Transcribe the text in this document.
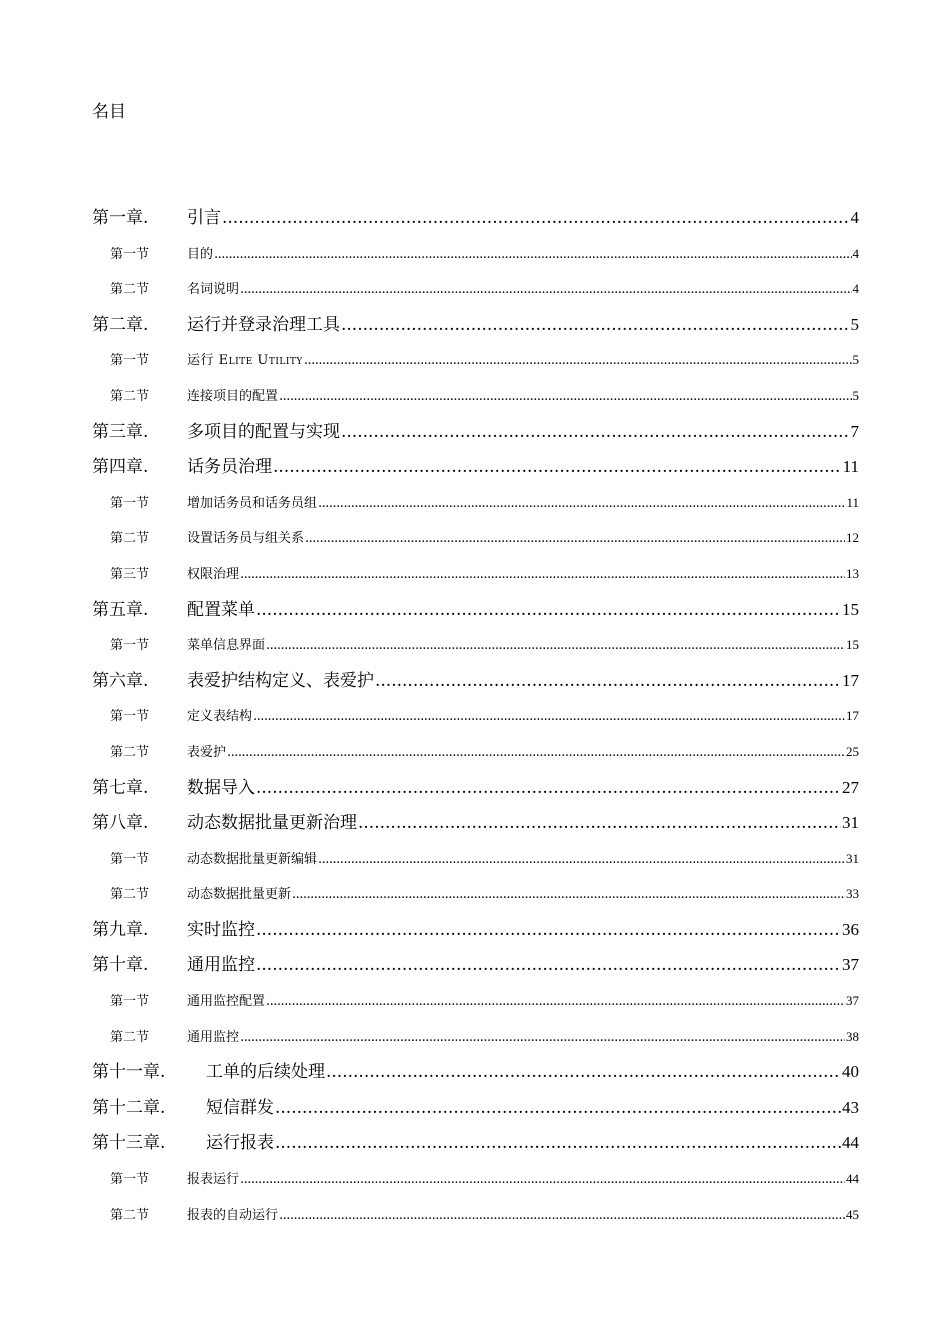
名目
第一章.	引言 .....	4
第一节	目的 .....	4
第二节	名词说明 .....	4
第二章.	运行并登录治理工具 .....	5
第一节	运行 Elite Utility .....	5
第二节	连接项目的配置 .....	5
第三章.	多项目的配置与实现 .....	7
第四章.	话务员治理 .....	11
第一节	增加话务员和话务员组 .....	11
第二节	设置话务员与组关系 .....	12
第三节	权限治理 .....	13
第五章.	配置菜单 .....	15
第一节	菜单信息界面 .....	15
第六章.	表爱护结构定义、表爱护 .....	17
第一节	定义表结构 .....	17
第二节	表爱护 .....	25
第七章.	数据导入 .....	27
第八章.	动态数据批量更新治理 .....	31
第一节	动态数据批量更新编辑 .....	31
第二节	动态数据批量更新 .....	33
第九章.	实时监控 .....	36
第十章.	通用监控 .....	37
第一节	通用监控配置 .....	37
第二节	通用监控 .....	38
第十一章.	工单的后续处理 .....	40
第十二章.	短信群发 .....	43
第十三章.	运行报表 .....	44
第一节	报表运行 .....	44
第二节	报表的自动运行 .....	45
